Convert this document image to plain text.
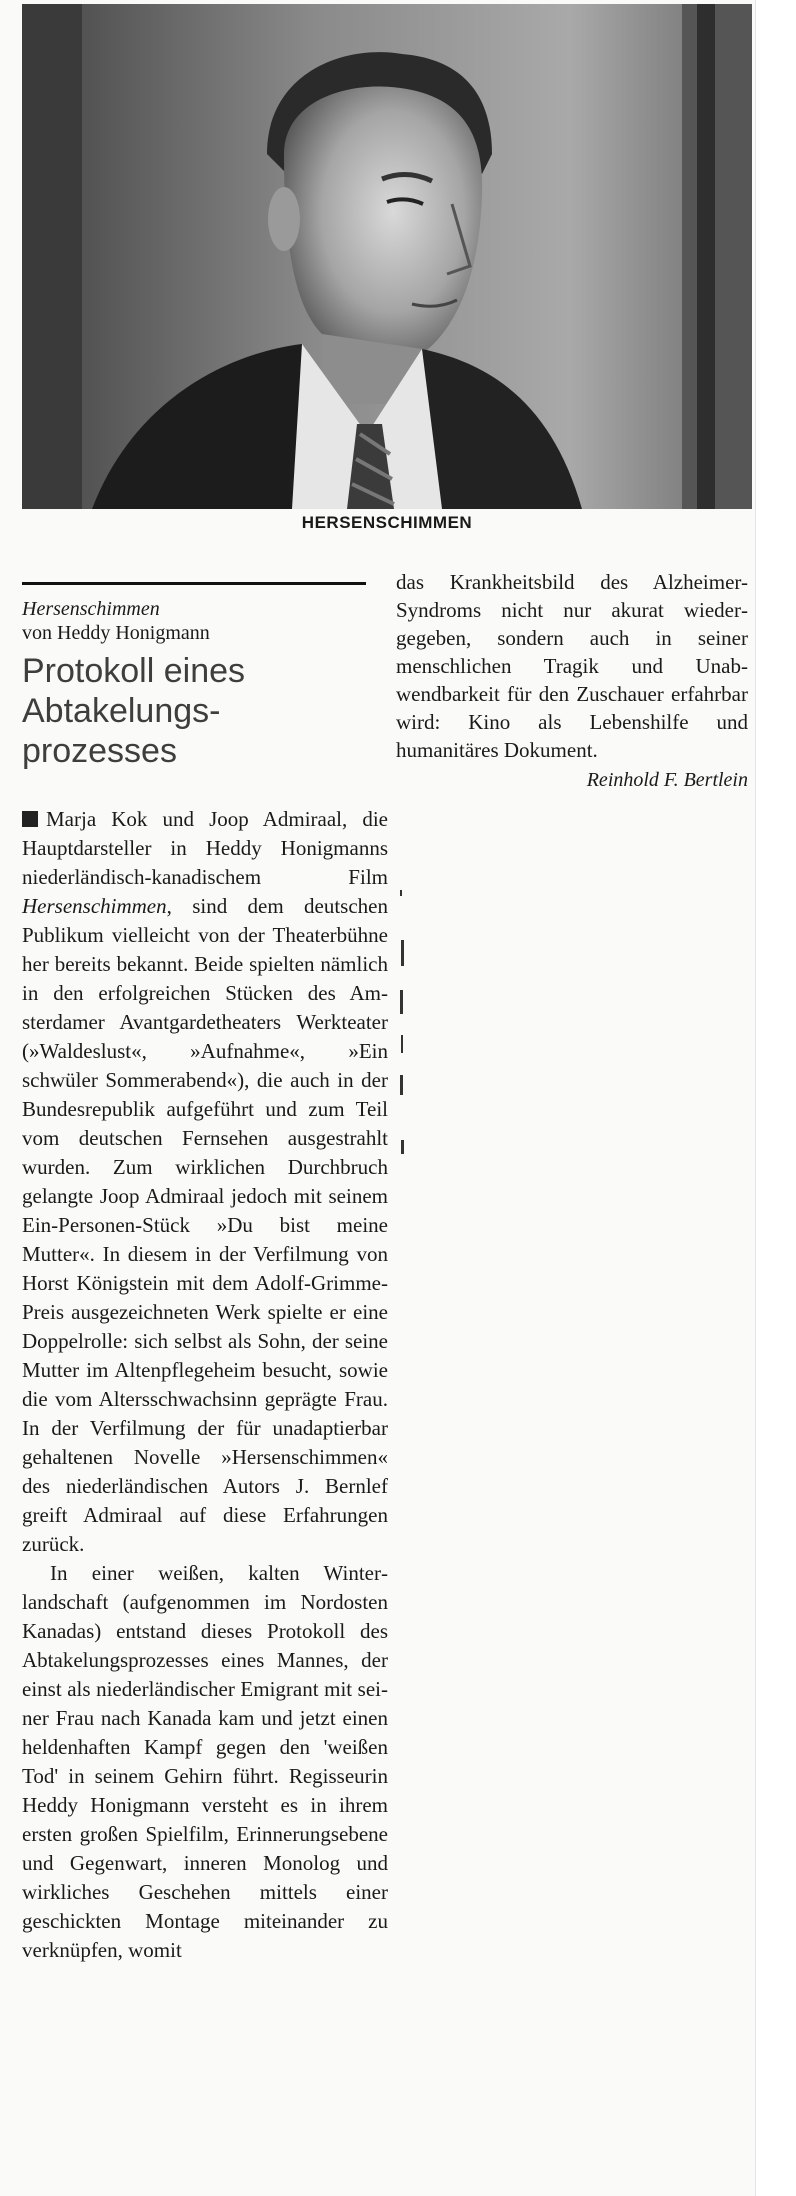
HERSENSCHIMMEN
Hersenschimmen
von Heddy Honigmann
Protokoll eines
Abtakelungs-
prozesses

Marja Kok und Joop Admiraal, die Hauptdarsteller in Heddy Honigmanns niederländisch-kanadischem Film Hersenschimmen, sind dem deutschen Publikum vielleicht von der Theaterbühne her bereits bekannt. Beide spielten nämlich in den erfolgreichen Stücken des Amsterdamer Avantgardetheaters Werkteater (»Waldeslust«, »Aufnahme«, »Ein schwüler Sommerabend«), die auch in der Bundesrepublik aufgeführt und zum Teil vom deutschen Fernsehen ausgestrahlt wurden. Zum wirklichen Durchbruch gelangte Joop Admiraal jedoch mit seinem Ein-Personen-Stück »Du bist meine Mutter«. In diesem in der Verfilmung von Horst Königstein mit dem Adolf-Grimme-Preis ausgezeichneten Werk spielte er eine Doppelrolle: sich selbst als Sohn, der seine Mutter im Altenpflegeheim besucht, sowie die vom Altersschwachsinn geprägte Frau. In der Verfilmung der für unadaptierbar gehaltenen Novelle »Hersenschimmen« des niederländischen Autors J. Bernlef greift Admiraal auf diese Erfahrungen zurück.

In einer weißen, kalten Winterlandschaft (aufgenommen im Nordosten Kanadas) entstand dieses Protokoll des Abtakelungsprozesses eines Mannes, der einst als niederländischer Emigrant mit seiner Frau nach Kanada kam und jetzt einen heldenhaften Kampf gegen den 'weißen Tod' in seinem Gehirn führt. Regisseurin Heddy Honigmann versteht es in ihrem ersten großen Spielfilm, Erinnerungsebene und Gegenwart, inneren Monolog und wirkliches Geschehen mittels einer geschickten Montage miteinander zu verknüpfen, womit

das Krankheitsbild des Alzheimer-Syndroms nicht nur akurat wiedergegeben, sondern auch in seiner menschlichen Tragik und Unabwendbarkeit für den Zuschauer erfahrbar wird: Kino als Lebenshilfe und humanitäres Dokument.

Reinhold F. Bertlein
